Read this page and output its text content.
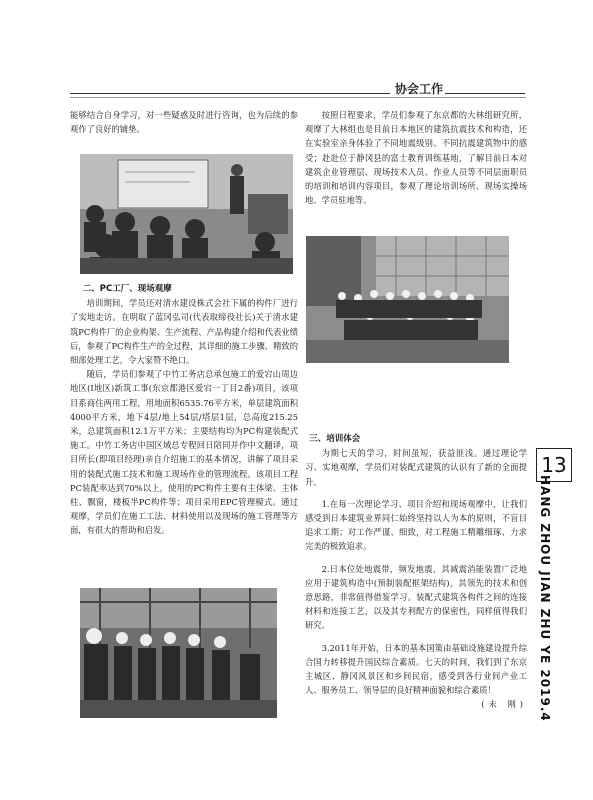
协会工作

能够结合自身学习，对一些疑惑及时进行咨询，也为后续的参观作了良好的铺垫。

二、PC工厂、现场观摩

培训期间，学员还对清水建设株式会社下属的构件厂进行了实地走访。在明取了蓝冈弘司(代表取缔役社长)关于清水建筑PC构件厂的企业构架、生产流程、产品构建介绍和代表业绩后，参观了PC构件生产的全过程，其详细的施工步骤、精致的细部处理工艺，令大家赞不绝口。

随后，学员们参观了中竹工务店总承包施工的爱宕山周边地区(I地区)新筑工事(东京都港区爱宕一丁目2番)项目，该项目系商住两用工程，用地面积6535.76平方米，单层建筑面积4000平方米，地下4层/地上54层/塔层1层，总高度215.25米，总建筑面积12.1万平方米；主要结构均为PC构建装配式施工。中竹工务店中国区域总专程回日陪同并作中文翻译，项目所长(即项目经理)亲自介绍施工的基本情况，讲解了项目采用的装配式施工技术和施工现场作业的管理流程。该项目工程PC装配率达到70%以上，使用的PC构件主要有主体梁、主体柱、飘窗，楼板半PC构件等；项目采用EPC管理模式。通过观摩，学员们在施工工法、材料使用以及现场的施工管理等方面，有很大的帮助和启发。

按照日程要求，学员们参观了东京都的大林组研究所，观摩了大林组也是目前日本地区的建筑抗震技术和构造，还在实验室亲身体验了不同地震级别、不同抗震建筑物中的感受；赴赴位于静冈县的富士教育训练基地，了解目前日本对建筑企业管理层、现场技术人员、作业人员等不同层面职员的培训和培训内容项目，参观了理论培训场所、现场实操场地、学员驻地等。

三、培训体会

为期七天的学习，时间虽短，获益匪浅。通过理论学习、实地观摩，学员们对装配式建筑的认识有了新的全面提升。

1.在每一次理论学习、项目介绍和现场观摩中，让我们感受到日本建筑业界同仁始终坚持以人为本的原则，不盲目追求工期；对工作严谨、细致，对工程施工精雕细琢、力求完美的极致追求。

2.日本位处地震带，频发地震，其减震消能装置广泛地应用于建筑构造中(预制装配框架结构)，其领先的技术和创意思路，非常值得借鉴学习。装配式建筑各构件之间的连接材料和连接工艺，以及其专利配方的保密性，同样值得我们研究。

3.2011年开始，日本的基本国策由基础设施建设提升综合国力转移提升国民综合素质。七天的时间，我们到了东京主城区、静冈风景区和乡间民宿，感受到各行业间产业工人、服务员工、领导层的良好精神面貌和综合素质！

(未 刚)

13
HANG ZHOU JIAN ZHU YE 2019.4
